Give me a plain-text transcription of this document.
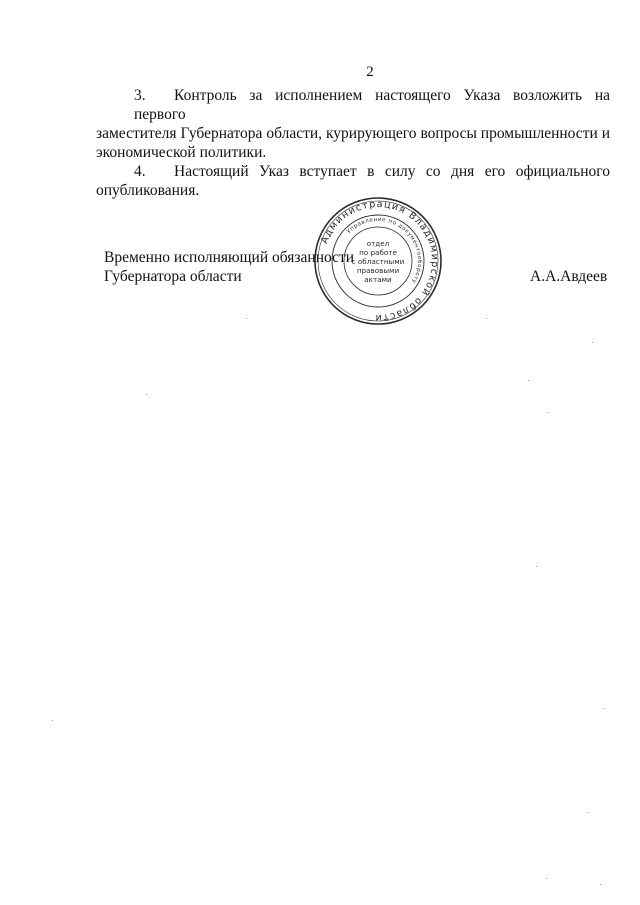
2

3. Контроль за исполнением настоящего Указа возложить на первого
заместителя Губернатора области, курирующего вопросы промышленности и экономической политики.

4. Настоящий Указ вступает в силу со дня его официального
опубликования.

Временно исполняющий обязанности
Губернатора области
Администрация Владимирской области
Управление по документообороту
отдел
по работе
с областными
правовыми
актами	А.А.Авдеев
